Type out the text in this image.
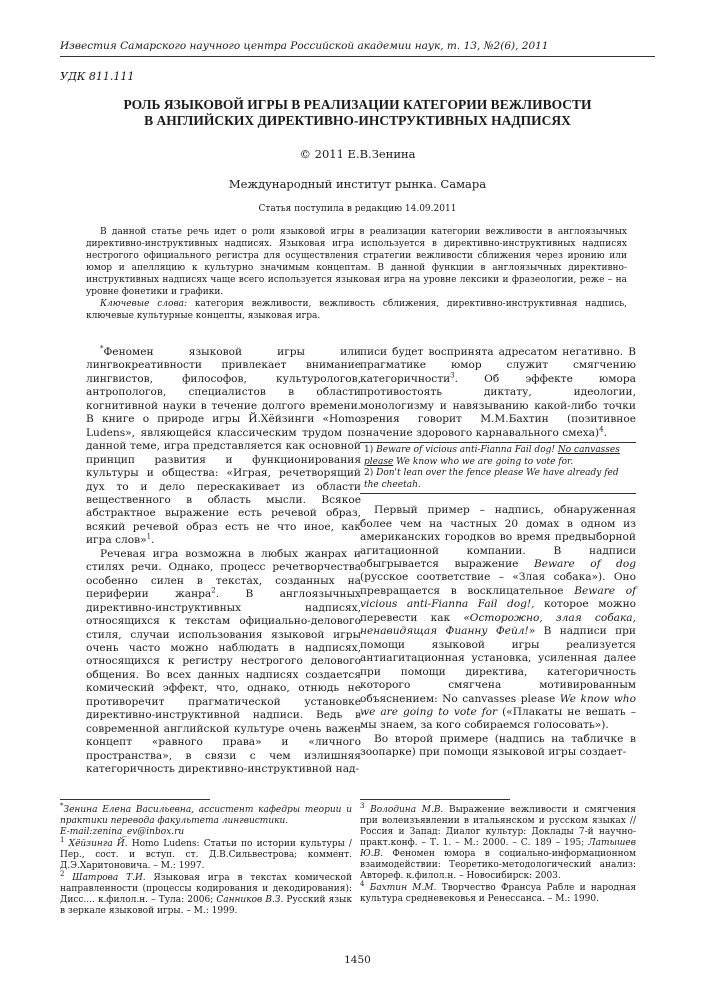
Известия Самарского научного центра Российской академии наук, т. 13, №2(6), 2011
УДК 811.111
РОЛЬ ЯЗЫКОВОЙ ИГРЫ В РЕАЛИЗАЦИИ КАТЕГОРИИ ВЕЖЛИВОСТИ
В АНГЛИЙСКИХ ДИРЕКТИВНО-ИНСТРУКТИВНЫХ НАДПИСЯХ
© 2011 Е.В.Зенина
Международный институт рынка. Самара
Статья поступила в редакцию 14.09.2011

В данной статье речь идет о роли языковой игры в реализации категории вежливости в англоязычных директивно-инструктивных надписях. Языковая игра используется в директивно-инструктивных надписях нестрогого официального регистра для осуществления стратегии вежливости сближения через иронию или юмор и апелляцию к культурно значимым концептам. В данной функции в англоязычных директивно-инструктивных надписях чаще всего используется языковая игра на уровне лексики и фразеологии, реже – на уровне фонетики и графики.

Ключевые слова: категория вежливости, вежливость сближения, директивно-инструктивная надпись, ключевые культурные концепты, языковая игра.

*Феномен языковой игры или лингвокреативности привлекает внимание лингвистов, философов, культурологов, антропологов, специалистов в области когнитивной науки в течение долгого времени. В книге о природе игры Й.Хёйзинги «Homo Ludens», являющейся классическим трудом по данной теме, игра представляется как основной принцип развития и функционирования культуры и общества: «Играя, речетворящий дух то и дело перескакивает из области вещественного в область мысли. Всякое абстрактное выражение есть речевой образ, всякий речевой образ есть не что иное, как игра слов»$^1$.

Речевая игра возможна в любых жанрах и стилях речи. Однако, процесс речетворчества особенно силен в текстах, созданных на периферии жанра$^2$. В англоязычных директивно-инструктивных надписях, относящихся к текстам официально-делового стиля, случаи использования языковой игры очень часто можно наблюдать в надписях, относящихся к регистру нестрогого делового общения. Во всех данных надписях создается комический эффект, что, однако, отнюдь не противоречит прагматической установке директивно-инструктивной надписи. Ведь в современной английской культуре очень важен концепт «равного права» и «личного пространства», в связи с чем излишняя категоричность директивно-инструктивной над-

писи будет воспринята адресатом негативно. В прагматике юмор служит смягчению категоричности$^3$. Об эффекте юмора противостоять диктату, идеологии, монологизму и навязыванию какой-либо точки зрения говорит М.М.Бахтин (позитивное значение здорового карнавального смеха)$^4$.

1) Beware of vicious anti-Fianna Fail dog! No canvasses please We know who we are going to vote for.
2) Don't lean over the fence please We have already fed the cheetah.

Первый пример – надпись, обнаруженная более чем на частных 20 домах в одном из американских городков во время предвыборной агитационной компании. В надписи обыгрывается выражение Beware of dog (русское соответствие – «Злая собака»). Оно превращается в восклицательное Beware of vicious anti-Fianna Fail dog!, которое можно перевести как «Осторожно, злая собака, ненавидящая Фианну Фейл!» В надписи при помощи языковой игры реализуется антиагитационная установка, усиленная далее при помощи директива, категоричность которого смягчена мотивированным объяснением: No canvasses please We know who we are going to vote for («Плакаты не вешать – мы знаем, за кого собираемся голосовать»).

Во второй примере (надпись на табличке в зоопарке) при помощи языковой игры создает-

*Зенина Елена Васильевна, ассистент кафедры теории и практики перевода факультета лингвистики.
E-mail:zenina_ev@inbox.ru

$^1$ Хёйзинга Й. Homo Ludens: Статьи по истории культуры / Пер., сост. и вступ. ст. Д.В.Сильвестрова; коммент. Д.Э.Харитоновича. – М.: 1997.

$^2$ Шатрова Т.И. Языковая игра в текстах комической направленности (процессы кодирования и декодирования): Дисс.... к.филол.н. – Тула: 2006; Санников В.З. Русский язык в зеркале языковой игры. – М.: 1999.

$^3$ Володина М.В. Выражение вежливости и смягчения при волеизъявлении в итальянском и русском языках // Россия и Запад: Диалог культур: Доклады 7-й научно-практ.конф. – Т. 1. – М.: 2000. – С. 189 – 195; Латышев Ю.В. Феномен юмора в социально-информационном взаимодействии: Теоретико-методологический анализ: Автореф. к.филол.н. – Новосибирск: 2003.

$^4$ Бахтин М.М. Творчество Франсуа Рабле и народная культура средневековья и Ренессанса. – М.: 1990.

1450
